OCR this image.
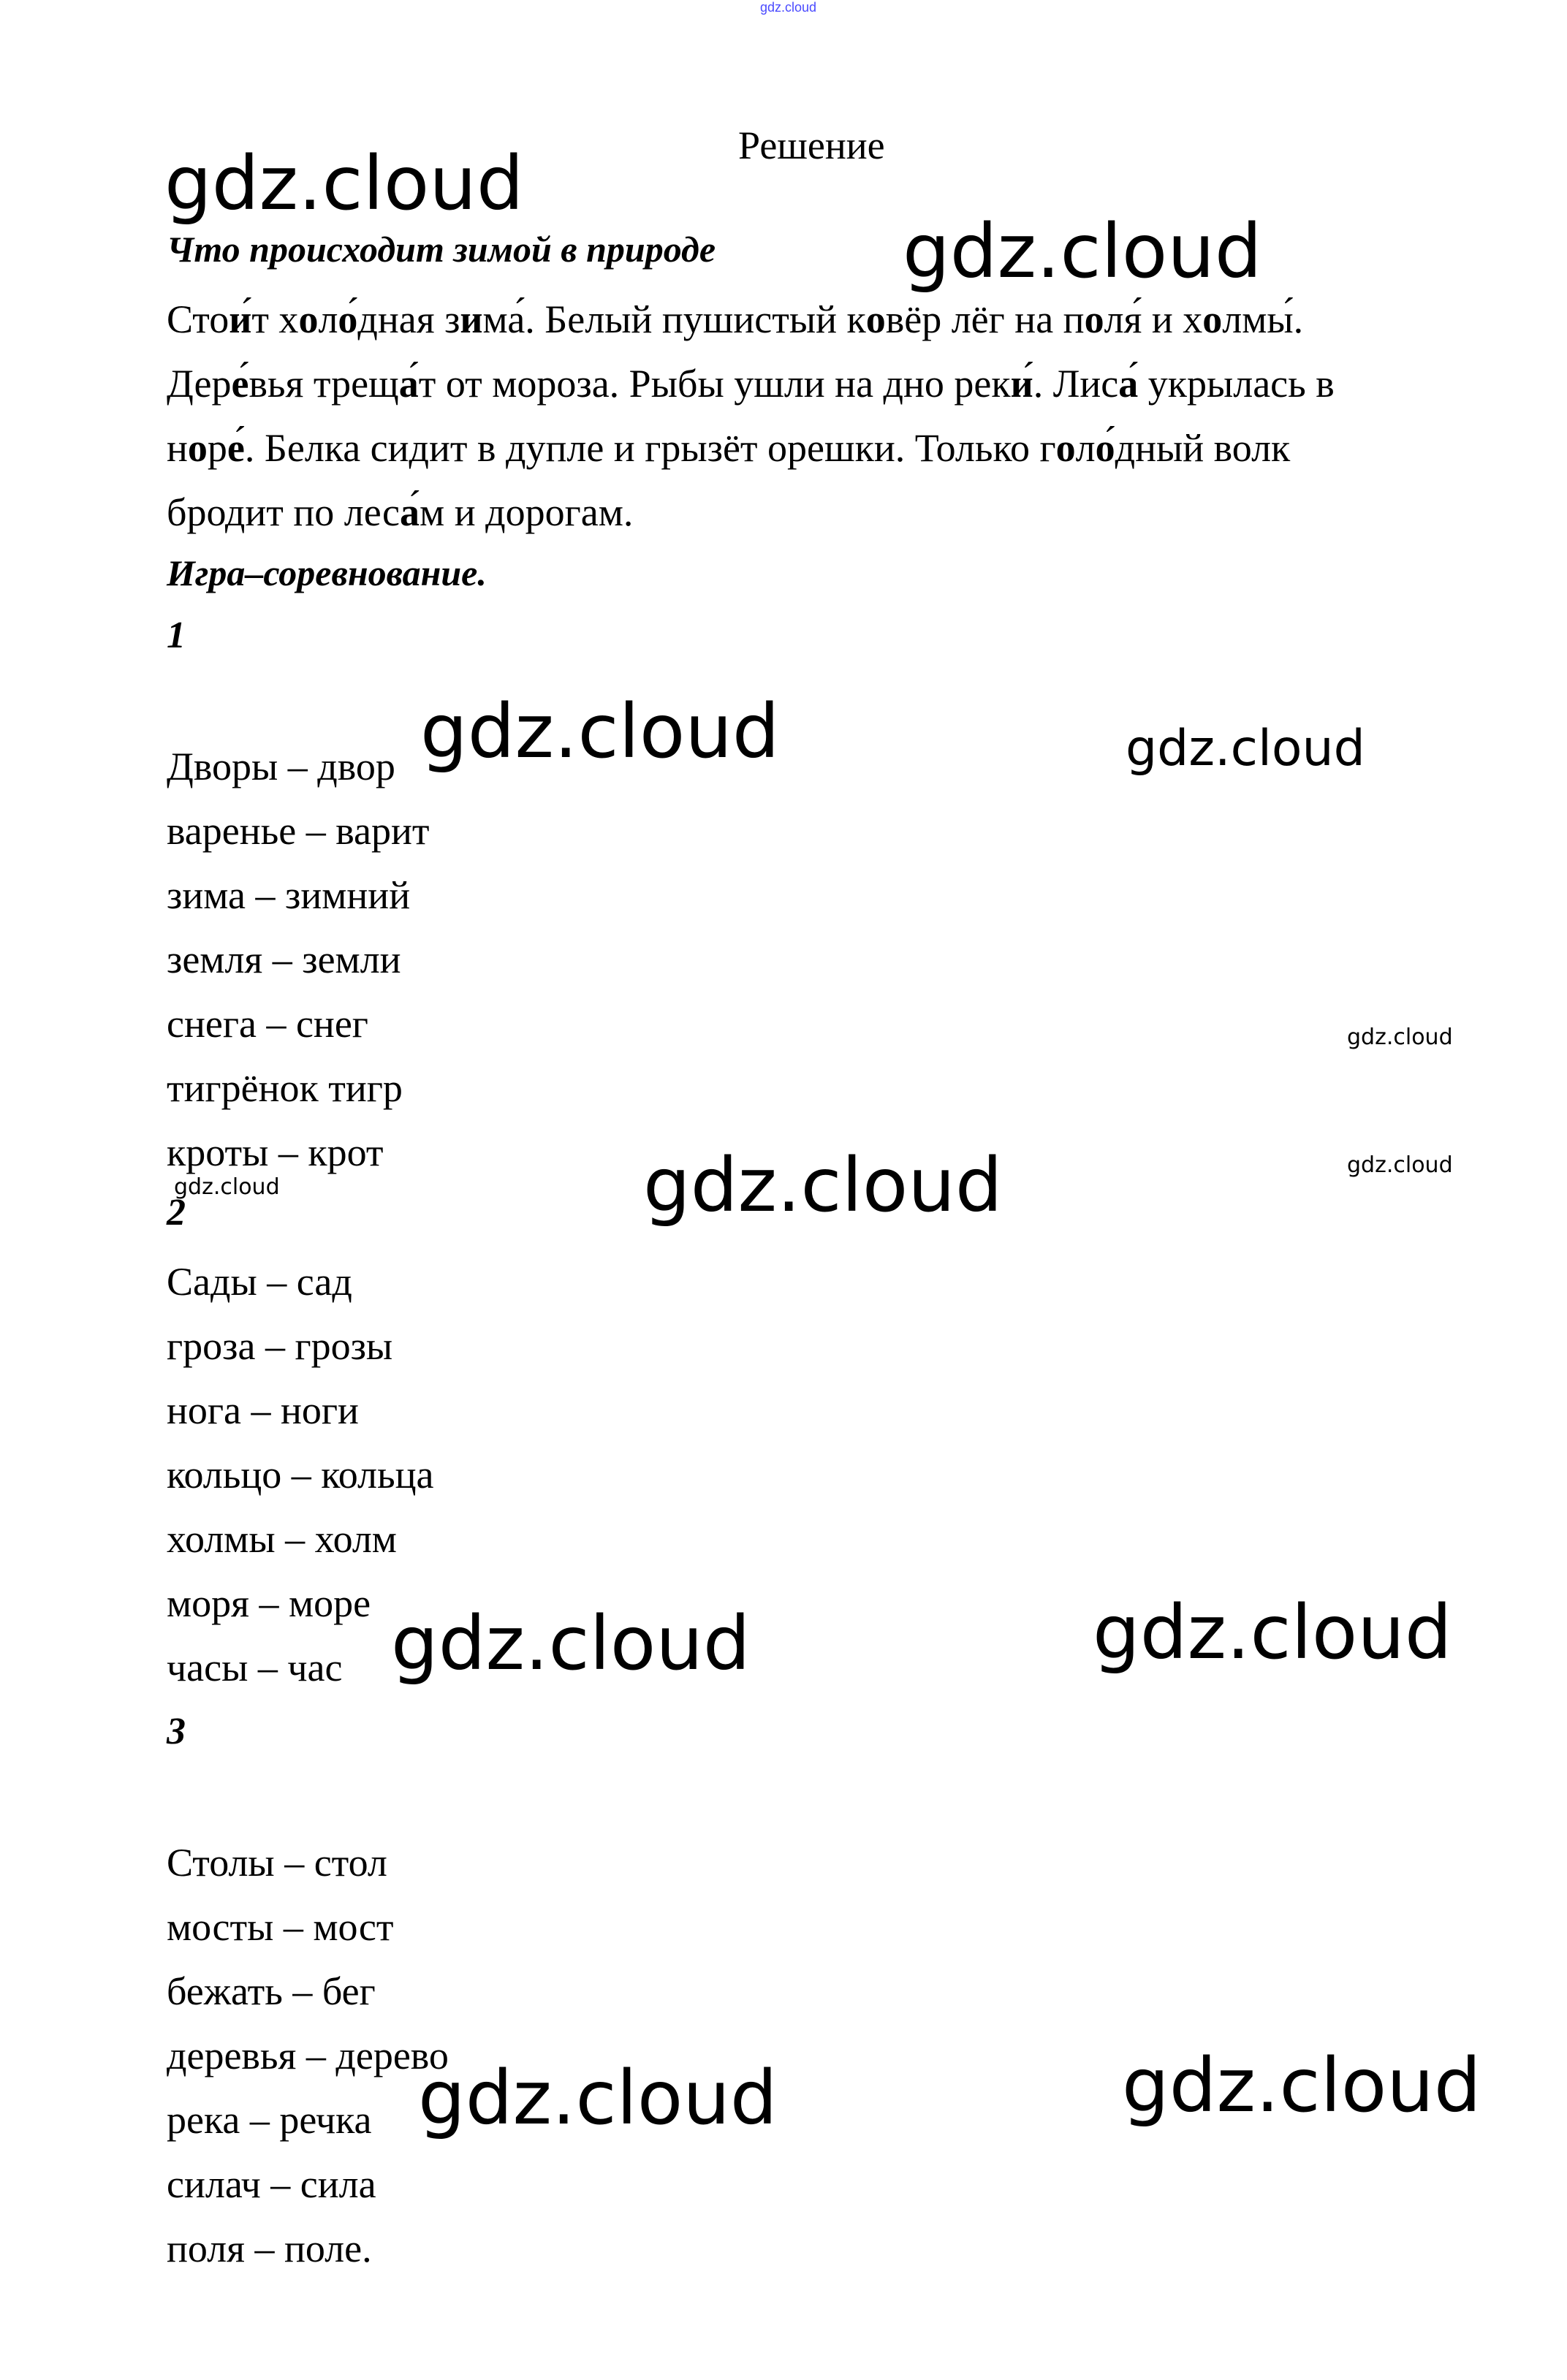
gdz.cloud
Решение
Что происходит зимой в природе
Стои́т холо́дная зима́. Белый пушистый ковёр лёг на поля́ и холмы́.
Дере́вья треща́т от мороза. Рыбы ушли на дно реки́. Лиса́ укрылась в
норе́. Белка сидит в дупле и грызёт орешки. Только голо́дный волк
бродит по леса́м и дорогам.
Игра–соревнование.
1
Дворы – двор
варенье – варит
зима – зимний
земля – земли
снега – снег
тигрёнок тигр
кроты – крот
2
Сады – сад
гроза – грозы
нога – ноги
кольцо – кольца
холмы – холм
моря – море
часы – час
3
Столы – стол
мосты – мост
бежать – бег
деревья – дерево
река – речка
силач – сила
поля – поле.
gdz.cloud
gdz.cloud
gdz.cloud	gdz.cloud
gdz.cloud
gdz.cloud	gdz.cloud	gdz.cloud
gdz.cloud	gdz.cloud
gdz.cloud	gdz.cloud
